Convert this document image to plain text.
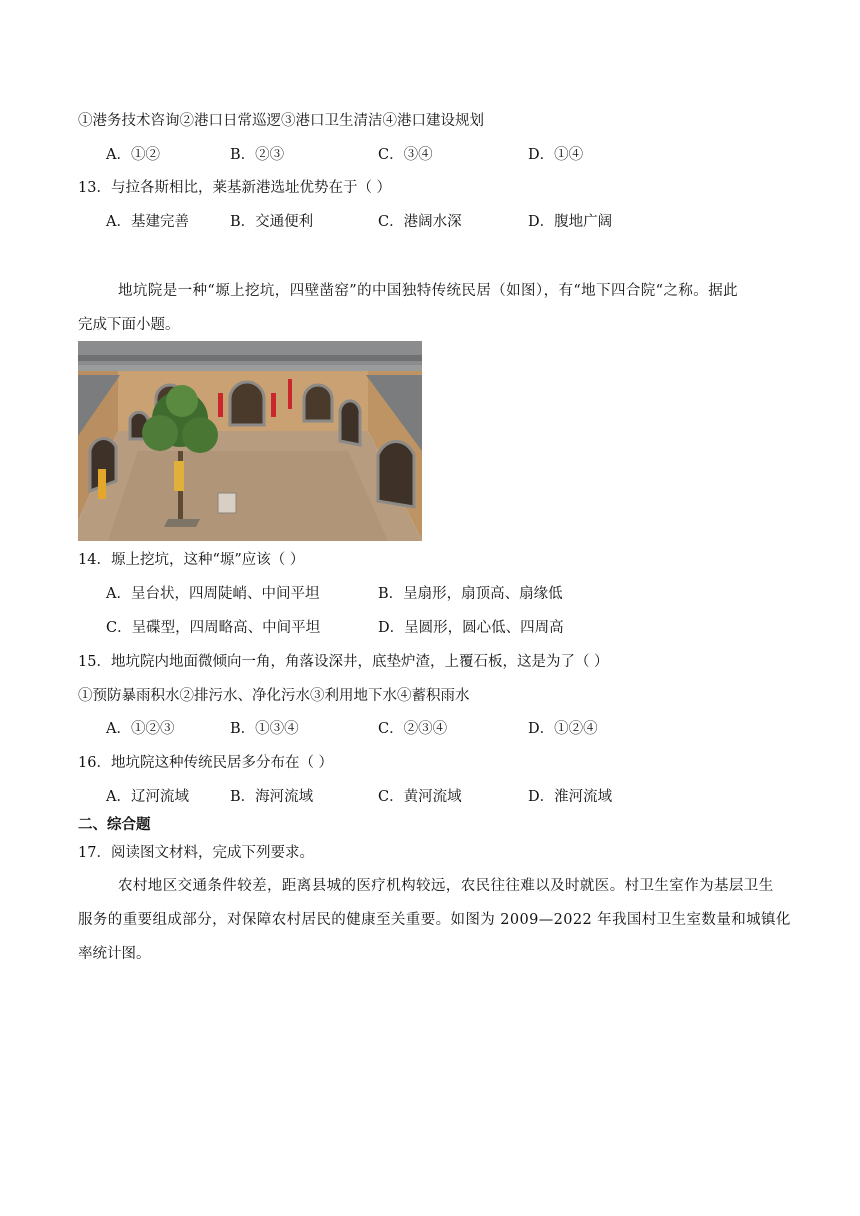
①港务技术咨询②港口日常巡逻③港口卫生清洁④港口建设规划
A．①②	B．②③	C．③④	D．①④
13．与拉各斯相比，莱基新港选址优势在于（ ）
A．基建完善	B．交通便利	C．港阔水深	D．腹地广阔
地坑院是一种“塬上挖坑，四壁凿窑”的中国独特传统民居（如图），有“地下四合院“之称。据此
完成下面小题。
14．塬上挖坑，这种“塬”应该（ ）
A．呈台状，四周陡峭、中间平坦	B．呈扇形，扇顶高、扇缘低
C．呈碟型，四周略高、中间平坦	D．呈圆形，圆心低、四周高
15．地坑院内地面微倾向一角，角落设深井，底垫炉渣，上覆石板，这是为了（ ）
①预防暴雨积水②排污水、净化污水③利用地下水④蓄积雨水
A．①②③	B．①③④	C．②③④	D．①②④
16．地坑院这种传统民居多分布在（ ）
A．辽河流域	B．海河流域	C．黄河流域	D．淮河流域
二、综合题
17．阅读图文材料，完成下列要求。
农村地区交通条件较差，距离县城的医疗机构较远，农民往往难以及时就医。村卫生室作为基层卫生
服务的重要组成部分，对保障农村居民的健康至关重要。如图为 2009—2022 年我国村卫生室数量和城镇化
率统计图。
